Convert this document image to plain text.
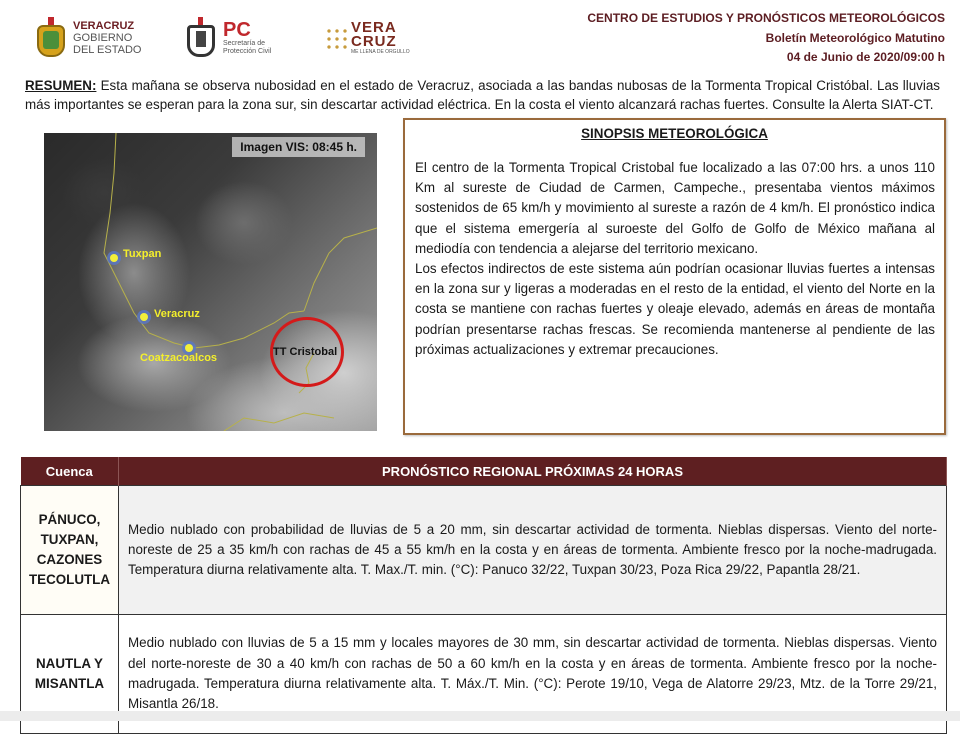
VERACRUZ
GOBIERNO
DEL ESTADO
PC
Secretaría de
Protección Civil
VERA
CRUZ
ME LLENA DE ORGULLO
CENTRO DE ESTUDIOS Y PRONÓSTICOS METEOROLÓGICOS
Boletín Meteorológico Matutino
04 de Junio de 2020/09:00 h
RESUMEN: Esta mañana se observa nubosidad en el estado de Veracruz, asociada a las bandas nubosas de la Tormenta Tropical Cristóbal. Las lluvias más importantes se esperan para la zona sur, sin descartar actividad eléctrica. En la costa el viento alcanzará rachas fuertes. Consulte la Alerta SIAT-CT.
Imagen VIS: 08:45 h.
Tuxpan
Veracruz
Coatzacoalcos	TT Cristobal
SINOPSIS METEOROLÓGICA

El centro de la Tormenta Tropical Cristobal fue localizado a las 07:00 hrs. a unos 110 Km al sureste de Ciudad de Carmen, Campeche., presentaba vientos máximos sostenidos de 65 km/h y movimiento al sureste a razón de 4 km/h. El pronóstico indica que el sistema emergería al suroeste del Golfo de Golfo de México mañana al mediodía con tendencia a alejarse del territorio mexicano.

Los efectos indirectos de este sistema aún podrían ocasionar lluvias fuertes a intensas en la zona sur y ligeras a moderadas en el resto de la entidad, el viento del Norte en la costa se mantiene con rachas fuertes y oleaje elevado, además en áreas de montaña podrían presentarse rachas frescas. Se recomienda mantenerse al pendiente de las próximas actualizaciones y extremar precauciones.

Cuenca	PRONÓSTICO REGIONAL PRÓXIMAS 24 HORAS
PÁNUCO, TUXPAN, CAZONES TECOLUTLA	Medio nublado con probabilidad de lluvias de 5 a 20 mm, sin descartar actividad de tormenta. Nieblas dispersas. Viento del norte-noreste de 25 a 35 km/h con rachas de 45 a 55 km/h en la costa y en áreas de tormenta. Ambiente fresco por la noche-madrugada. Temperatura diurna relativamente alta. T. Max./T. min. (°C): Panuco 32/22, Tuxpan 30/23, Poza Rica 29/22, Papantla 28/21.
NAUTLA Y MISANTLA	Medio nublado con lluvias de 5 a 15 mm y locales mayores de 30 mm, sin descartar actividad de tormenta. Nieblas dispersas. Viento del norte-noreste de 30 a 40 km/h con rachas de 50 a 60 km/h en la costa y en áreas de tormenta. Ambiente fresco por la noche-madrugada. Temperatura diurna relativamente alta. T. Máx./T. Min. (°C): Perote 19/10, Vega de Alatorre 29/23, Mtz. de la Torre 29/21, Misantla 26/18.
